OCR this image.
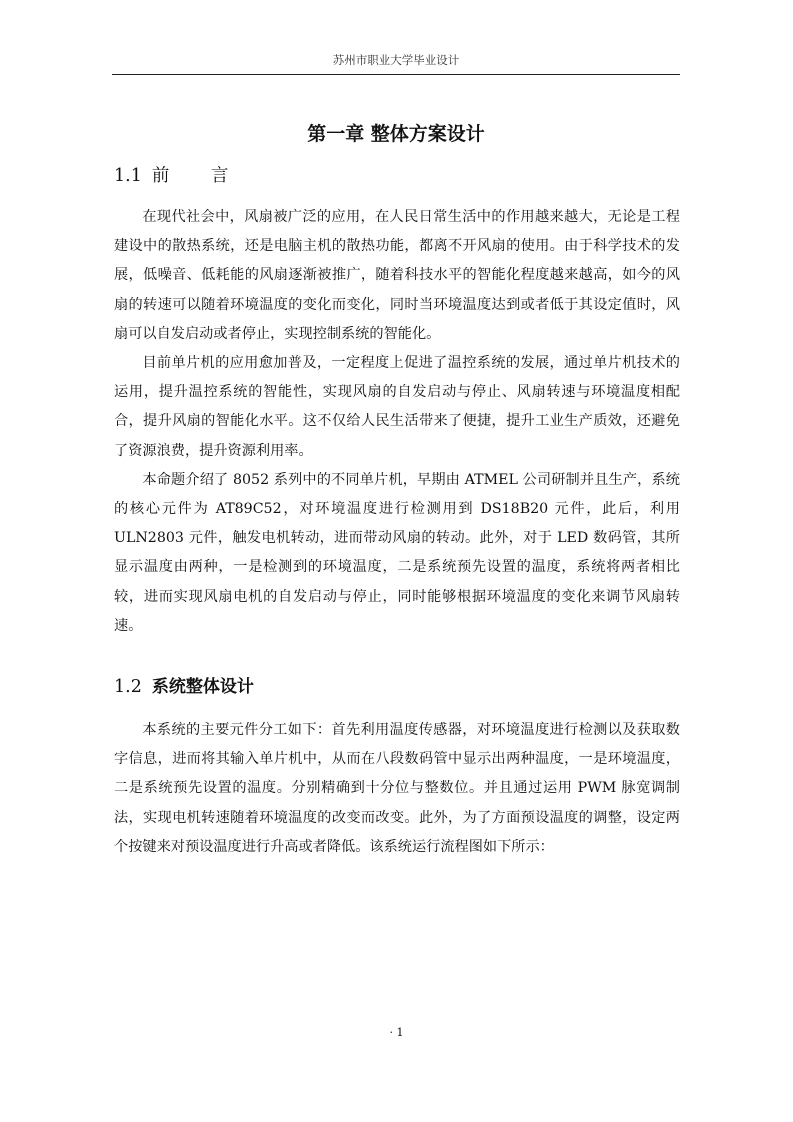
苏州市职业大学毕业设计
第一章 整体方案设计
1.1 前 言

在现代社会中，风扇被广泛的应用，在人民日常生活中的作用越来越大，无论是工程建设中的散热系统，还是电脑主机的散热功能，都离不开风扇的使用。由于科学技术的发展，低噪音、低耗能的风扇逐渐被推广，随着科技水平的智能化程度越来越高，如今的风扇的转速可以随着环境温度的变化而变化，同时当环境温度达到或者低于其设定值时，风扇可以自发启动或者停止，实现控制系统的智能化。

目前单片机的应用愈加普及，一定程度上促进了温控系统的发展，通过单片机技术的运用，提升温控系统的智能性，实现风扇的自发启动与停止、风扇转速与环境温度相配合，提升风扇的智能化水平。这不仅给人民生活带来了便捷，提升工业生产质效，还避免了资源浪费，提升资源利用率。

本命题介绍了 8052 系列中的不同单片机，早期由 ATMEL 公司研制并且生产，系统的核心元件为 AT89C52，对环境温度进行检测用到 DS18B20 元件，此后，利用 ULN2803 元件，触发电机转动，进而带动风扇的转动。此外，对于 LED 数码管，其所显示温度由两种，一是检测到的环境温度，二是系统预先设置的温度，系统将两者相比较，进而实现风扇电机的自发启动与停止，同时能够根据环境温度的变化来调节风扇转速。

1.2 系统整体设计

本系统的主要元件分工如下：首先利用温度传感器，对环境温度进行检测以及获取数字信息，进而将其输入单片机中，从而在八段数码管中显示出两种温度，一是环境温度，二是系统预先设置的温度。分别精确到十分位与整数位。并且通过运用 PWM 脉宽调制法，实现电机转速随着环境温度的改变而改变。此外，为了方面预设温度的调整，设定两个按键来对预设温度进行升高或者降低。该系统运行流程图如下所示：

· 1
